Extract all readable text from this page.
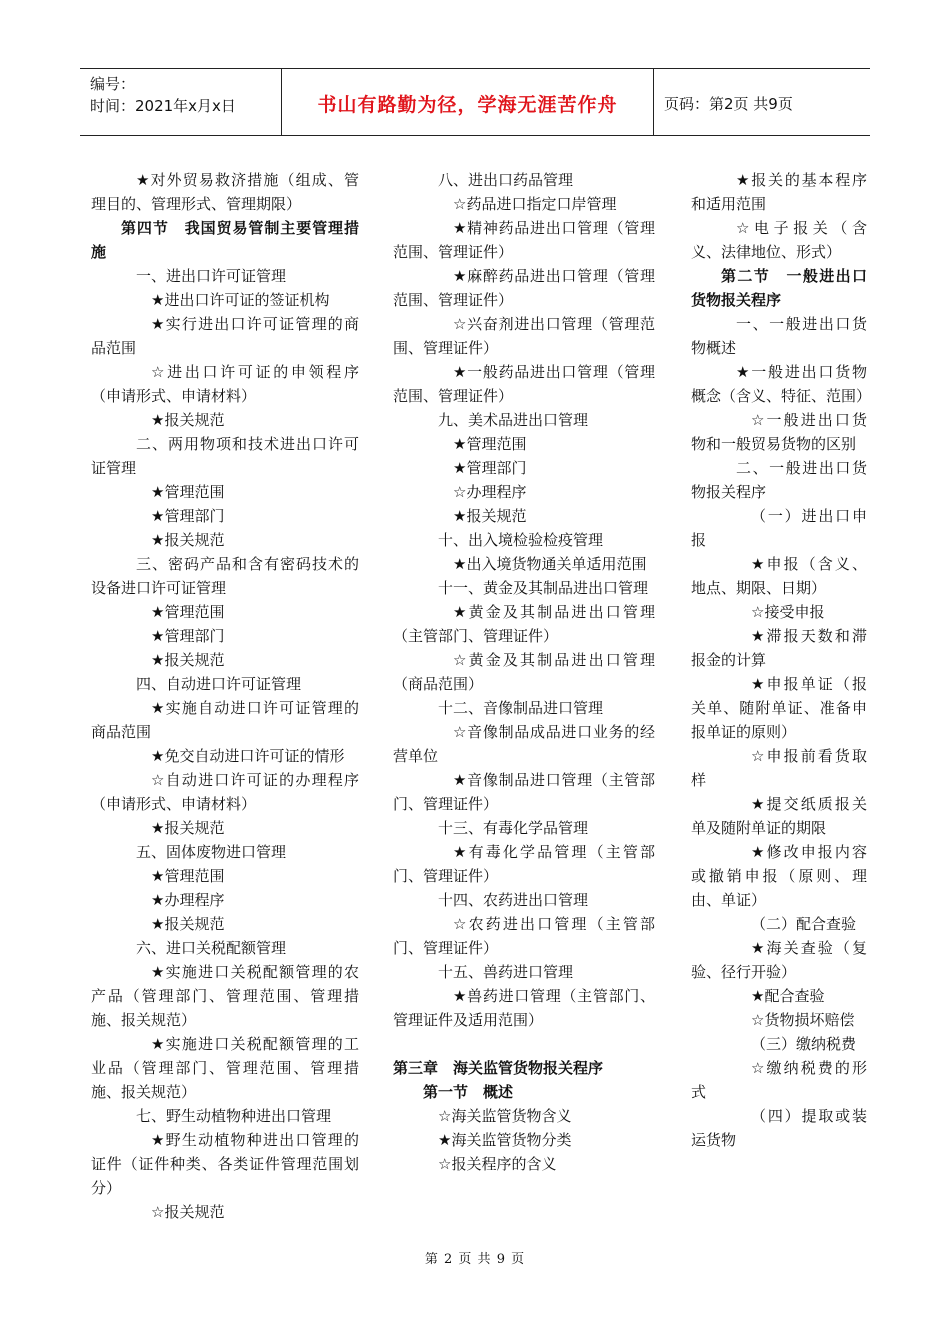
编号：
时间：2021年x月x日	书山有路勤为径，学海无涯苦作舟	页码：第2页 共9页

★对外贸易救济措施（组成、管理目的、管理形式、管理期限）

第四节　我国贸易管制主要管理措施

一、进出口许可证管理

★进出口许可证的签证机构

★实行进出口许可证管理的商品范围

☆进出口许可证的申领程序（申请形式、申请材料）

★报关规范

二、两用物项和技术进出口许可证管理

★管理范围

★管理部门

★报关规范

三、密码产品和含有密码技术的设备进口许可证管理

★管理范围

★管理部门

★报关规范

四、自动进口许可证管理

★实施自动进口许可证管理的商品范围

★免交自动进口许可证的情形

☆自动进口许可证的办理程序（申请形式、申请材料）

★报关规范

五、固体废物进口管理

★管理范围

★办理程序

★报关规范

六、进口关税配额管理

★实施进口关税配额管理的农产品（管理部门、管理范围、管理措施、报关规范）

★实施进口关税配额管理的工业品（管理部门、管理范围、管理措施、报关规范）

七、野生动植物种进出口管理

★野生动植物种进出口管理的证件（证件种类、各类证件管理范围划分）

☆报关规范

八、进出口药品管理

☆药品进口指定口岸管理

★精神药品进出口管理（管理范围、管理证件）

★麻醉药品进出口管理（管理范围、管理证件）

☆兴奋剂进出口管理（管理范围、管理证件）

★一般药品进出口管理（管理范围、管理证件）

九、美术品进出口管理

★管理范围

★管理部门

☆办理程序

★报关规范

十、出入境检验检疫管理

★出入境货物通关单适用范围

十一、黄金及其制品进出口管理

★黄金及其制品进出口管理（主管部门、管理证件）

☆黄金及其制品进出口管理（商品范围）

十二、音像制品进口管理

☆音像制品成品进口业务的经营单位

★音像制品进口管理（主管部门、管理证件）

十三、有毒化学品管理

★有毒化学品管理（主管部门、管理证件）

十四、农药进出口管理

☆农药进出口管理（主管部门、管理证件）

十五、兽药进口管理

★兽药进口管理（主管部门、管理证件及适用范围）

第三章　海关监管货物报关程序

第一节　概述

☆海关监管货物含义

★海关监管货物分类

☆报关程序的含义

★报关的基本程序和适用范围

☆电子报关（含义、法律地位、形式）

第二节　一般进出口货物报关程序

一、一般进出口货物概述

★一般进出口货物概念（含义、特征、范围）

☆一般进出口货物和一般贸易货物的区别

二、一般进出口货物报关程序

（一）进出口申报

★申报（含义、地点、期限、日期）

☆接受申报

★滞报天数和滞报金的计算

★申报单证（报关单、随附单证、准备申报单证的原则）

☆申报前看货取样

★提交纸质报关单及随附单证的期限

★修改申报内容或撤销申报（原则、理由、单证）

（二）配合查验

★海关查验（复验、径行开验）

★配合查验

☆货物损坏赔偿

（三）缴纳税费

☆缴纳税费的形式

（四）提取或装运货物

第 2 页 共 9 页
